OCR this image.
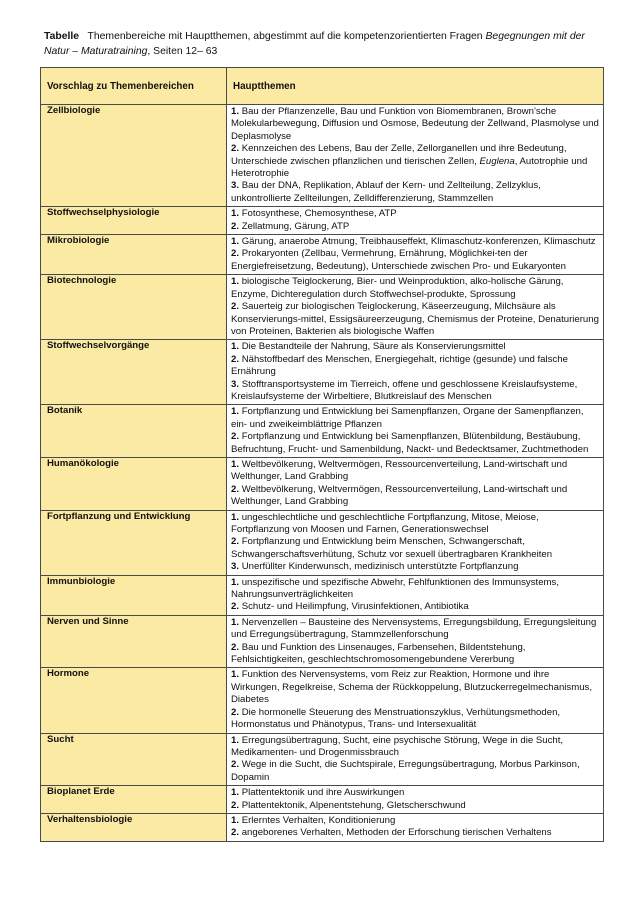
Tabelle Themenbereiche mit Hauptthemen, abgestimmt auf die kompetenzorientierten Fragen Begegnungen mit der Natur – Maturatraining, Seiten 12– 63
Vorschlag zu Themenbereichen	Hauptthemen
Zellbiologie	1. Bau der Pflanzenzelle, Bau und Funktion von Biomembranen, Brown’sche Molekularbewegung, Diffusion und Osmose, Bedeutung der Zellwand, Plasmolyse und Deplasmolyse

2. Kennzeichen des Lebens, Bau der Zelle, Zellorganellen und ihre Bedeutung, Unterschiede zwischen pflanzlichen und tierischen Zellen, Euglena, Autotrophie und Heterotrophie

3. Bau der DNA, Replikation, Ablauf der Kern- und Zellteilung, Zellzyklus, unkontrollierte Zellteilungen, Zelldifferenzierung, Stammzellen

Stoffwechselphysiologie	1. Fotosynthese, Chemosynthese, ATP

2. Zellatmung, Gärung, ATP

Mikrobiologie	1. Gärung, anaerobe Atmung, Treibhauseffekt, Klimaschutz-konferenzen, Klimaschutz

2. Prokaryonten (Zellbau, Vermehrung, Ernährung, Möglichkei-ten der Energiefreisetzung, Bedeutung), Unterschiede zwischen Pro- und Eukaryonten

Biotechnologie	1. biologische Teiglockerung, Bier- und Weinproduktion, alko-holische Gärung, Enzyme, Dichteregulation durch Stoffwechsel-produkte, Sprossung

2. Sauerteig zur biologischen Teiglockerung, Käseerzeugung, Milchsäure als Konservierungs-mittel, Essigsäureerzeugung, Chemismus der Proteine, Denaturierung von Proteinen, Bakterien als biologische Waffen

Stoffwechselvorgänge	1. Die Bestandteile der Nahrung, Säure als Konservierungsmittel

2. Nähstoffbedarf des Menschen, Energiegehalt, richtige (gesunde) und falsche Ernährung

3. Stofftransportsysteme im Tierreich, offene und geschlossene Kreislaufsysteme, Kreislaufsysteme der Wirbeltiere, Blutkreislauf des Menschen

Botanik	1. Fortpflanzung und Entwicklung bei Samenpflanzen, Organe der Samenpflanzen, ein- und zweikeimblättrige Pflanzen

2. Fortpflanzung und Entwicklung bei Samenpflanzen, Blütenbildung, Bestäubung, Befruchtung, Frucht- und Samenbildung, Nackt- und Bedecktsamer, Zuchtmethoden

Humanökologie	1. Weltbevölkerung, Weltvermögen, Ressourcenverteilung, Land-wirtschaft und Welthunger, Land Grabbing

2. Weltbevölkerung, Weltvermögen, Ressourcenverteilung, Land-wirtschaft und Welthunger, Land Grabbing

Fortpflanzung und Entwicklung	1. ungeschlechtliche und geschlechtliche Fortpflanzung, Mitose, Meiose, Fortpflanzung von Moosen und Farnen, Generationswechsel

2. Fortpflanzung und Entwicklung beim Menschen, Schwangerschaft, Schwangerschaftsverhütung, Schutz vor sexuell übertragbaren Krankheiten

3. Unerfüllter Kinderwunsch, medizinisch unterstützte Fortpflanzung

Immunbiologie	1. unspezifische und spezifische Abwehr, Fehlfunktionen des Immunsystems, Nahrungsunverträglichkeiten

2. Schutz- und Heilimpfung, Virusinfektionen, Antibiotika

Nerven und Sinne	1. Nervenzellen – Bausteine des Nervensystems, Erregungsbildung, Erregungsleitung und Erregungsübertragung, Stammzellenforschung

2. Bau und Funktion des Linsenauges, Farbensehen, Bildentstehung, Fehlsichtigkeiten, geschlechtschromosomengebundene Vererbung

Hormone	1. Funktion des Nervensystems, vom Reiz zur Reaktion, Hormone und ihre Wirkungen, Regelkreise, Schema der Rückkoppelung, Blutzuckerregelmechanismus, Diabetes

2. Die hormonelle Steuerung des Menstruationszyklus, Verhütungsmethoden, Hormonstatus und Phänotypus, Trans- und Intersexualität

Sucht	1. Erregungsübertragung, Sucht, eine psychische Störung, Wege in die Sucht, Medikamenten- und Drogenmissbrauch

2. Wege in die Sucht, die Suchtspirale, Erregungsübertragung, Morbus Parkinson, Dopamin

Bioplanet Erde	1. Plattentektonik und ihre Auswirkungen

2. Plattentektonik, Alpenentstehung, Gletscherschwund

Verhaltensbiologie	1. Erlerntes Verhalten, Konditionierung

2. angeborenes Verhalten, Methoden der Erforschung tierischen Verhaltens
